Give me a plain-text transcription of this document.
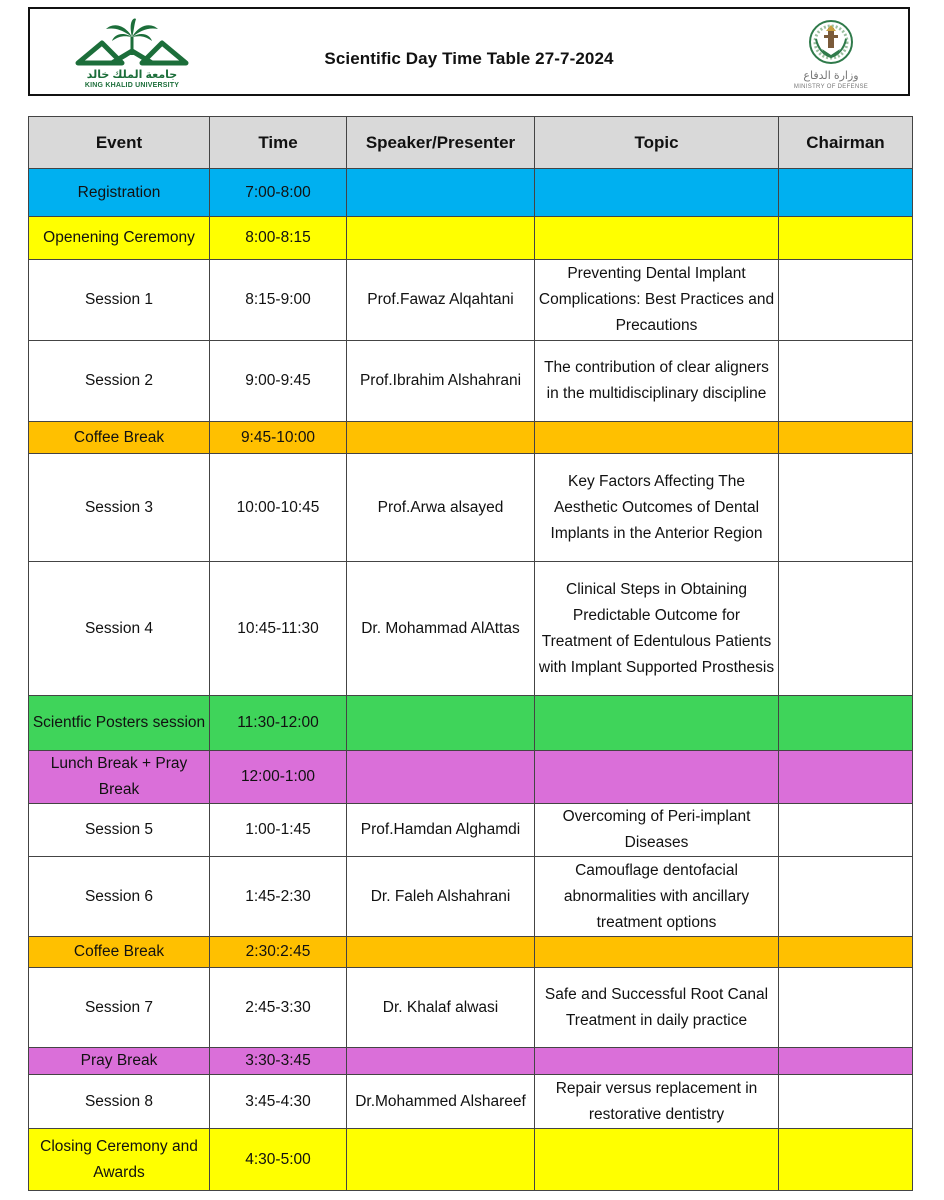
جامعة الملك خالد
KING KHALID UNIVERSITY
Scientific Day Time Table 27-7-2024
وزارة الدفاع
MINISTRY OF DEFENSE
Event	Time	Speaker/Presenter	Topic	Chairman
Registration	7:00-8:00			
Openening Ceremony	8:00-8:15			
Session 1	8:15-9:00	Prof.Fawaz Alqahtani	Preventing Dental Implant Complications: Best Practices and Precautions	
Session 2	9:00-9:45	Prof.Ibrahim Alshahrani	The contribution of clear aligners in the multidisciplinary discipline	
Coffee Break	9:45-10:00			
Session 3	10:00-10:45	Prof.Arwa alsayed	Key Factors Affecting The Aesthetic Outcomes of Dental Implants in the Anterior Region	
Session 4	10:45-11:30	Dr. Mohammad AlAttas	Clinical Steps in Obtaining Predictable Outcome for Treatment of Edentulous Patients with Implant Supported Prosthesis	
Scientfic Posters session	11:30-12:00			
Lunch Break + Pray Break	12:00-1:00			
Session 5	1:00-1:45	Prof.Hamdan Alghamdi	Overcoming of Peri-implant Diseases	
Session 6	1:45-2:30	Dr. Faleh Alshahrani	Camouflage dentofacial abnormalities with ancillary treatment options	
Coffee Break	2:30:2:45			
Session 7	2:45-3:30	Dr. Khalaf alwasi	Safe and Successful Root Canal Treatment in daily practice	
Pray Break	3:30-3:45			
Session 8	3:45-4:30	Dr.Mohammed Alshareef	Repair versus replacement in restorative dentistry	
Closing Ceremony and Awards	4:30-5:00			
